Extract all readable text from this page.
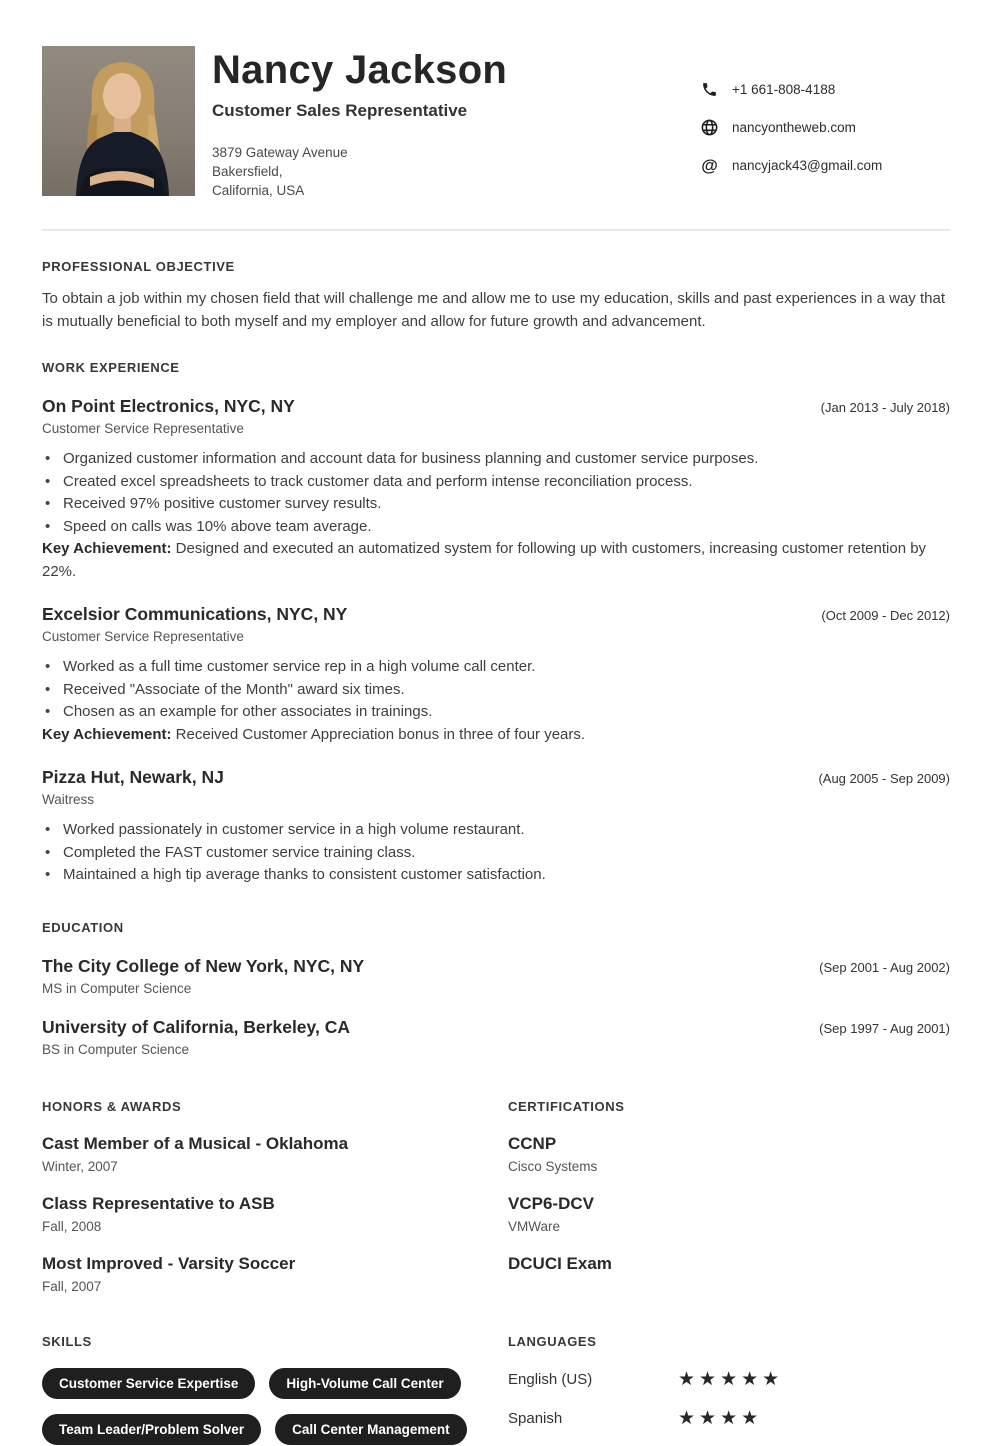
Nancy Jackson
Customer Sales Representative
3879 Gateway Avenue
Bakersfield,
California, USA
+1 661-808-4188
nancyontheweb.com
@ nancyjack43@gmail.com
PROFESSIONAL OBJECTIVE
To obtain a job within my chosen field that will challenge me and allow me to use my education, skills and past experiences in a way that is mutually beneficial to both myself and my employer and allow for future growth and advancement.
WORK EXPERIENCE
On Point Electronics, NYC, NY	(Jan 2013 - July 2018)
Customer Service Representative
• Organized customer information and account data for business planning and customer service purposes.
• Created excel spreadsheets to track customer data and perform intense reconciliation process.
• Received 97% positive customer survey results.
• Speed on calls was 10% above team average.
Key Achievement: Designed and executed an automatized system for following up with customers, increasing customer retention by 22%.
Excelsior Communications, NYC, NY	(Oct 2009 - Dec 2012)
Customer Service Representative
• Worked as a full time customer service rep in a high volume call center.
• Received "Associate of the Month" award six times.
• Chosen as an example for other associates in trainings.
Key Achievement: Received Customer Appreciation bonus in three of four years.
Pizza Hut, Newark, NJ	(Aug 2005 - Sep 2009)
Waitress
• Worked passionately in customer service in a high volume restaurant.
• Completed the FAST customer service training class.
• Maintained a high tip average thanks to consistent customer satisfaction.
EDUCATION
The City College of New York, NYC, NY	(Sep 2001 - Aug 2002)
MS in Computer Science
University of California, Berkeley, CA	(Sep 1997 - Aug 2001)
BS in Computer Science
HONORS & AWARDS
Cast Member of a Musical - Oklahoma
Winter, 2007
Class Representative to ASB
Fall, 2008
Most Improved - Varsity Soccer
Fall, 2007
CERTIFICATIONS
CCNP
Cisco Systems
VCP6-DCV
VMWare
DCUCI Exam
SKILLS
Customer Service Expertise	High-Volume Call Center
Team Leader/Problem Solver	Call Center Management
LANGUAGES
English (US)	★★★★★
Spanish	★★★★
